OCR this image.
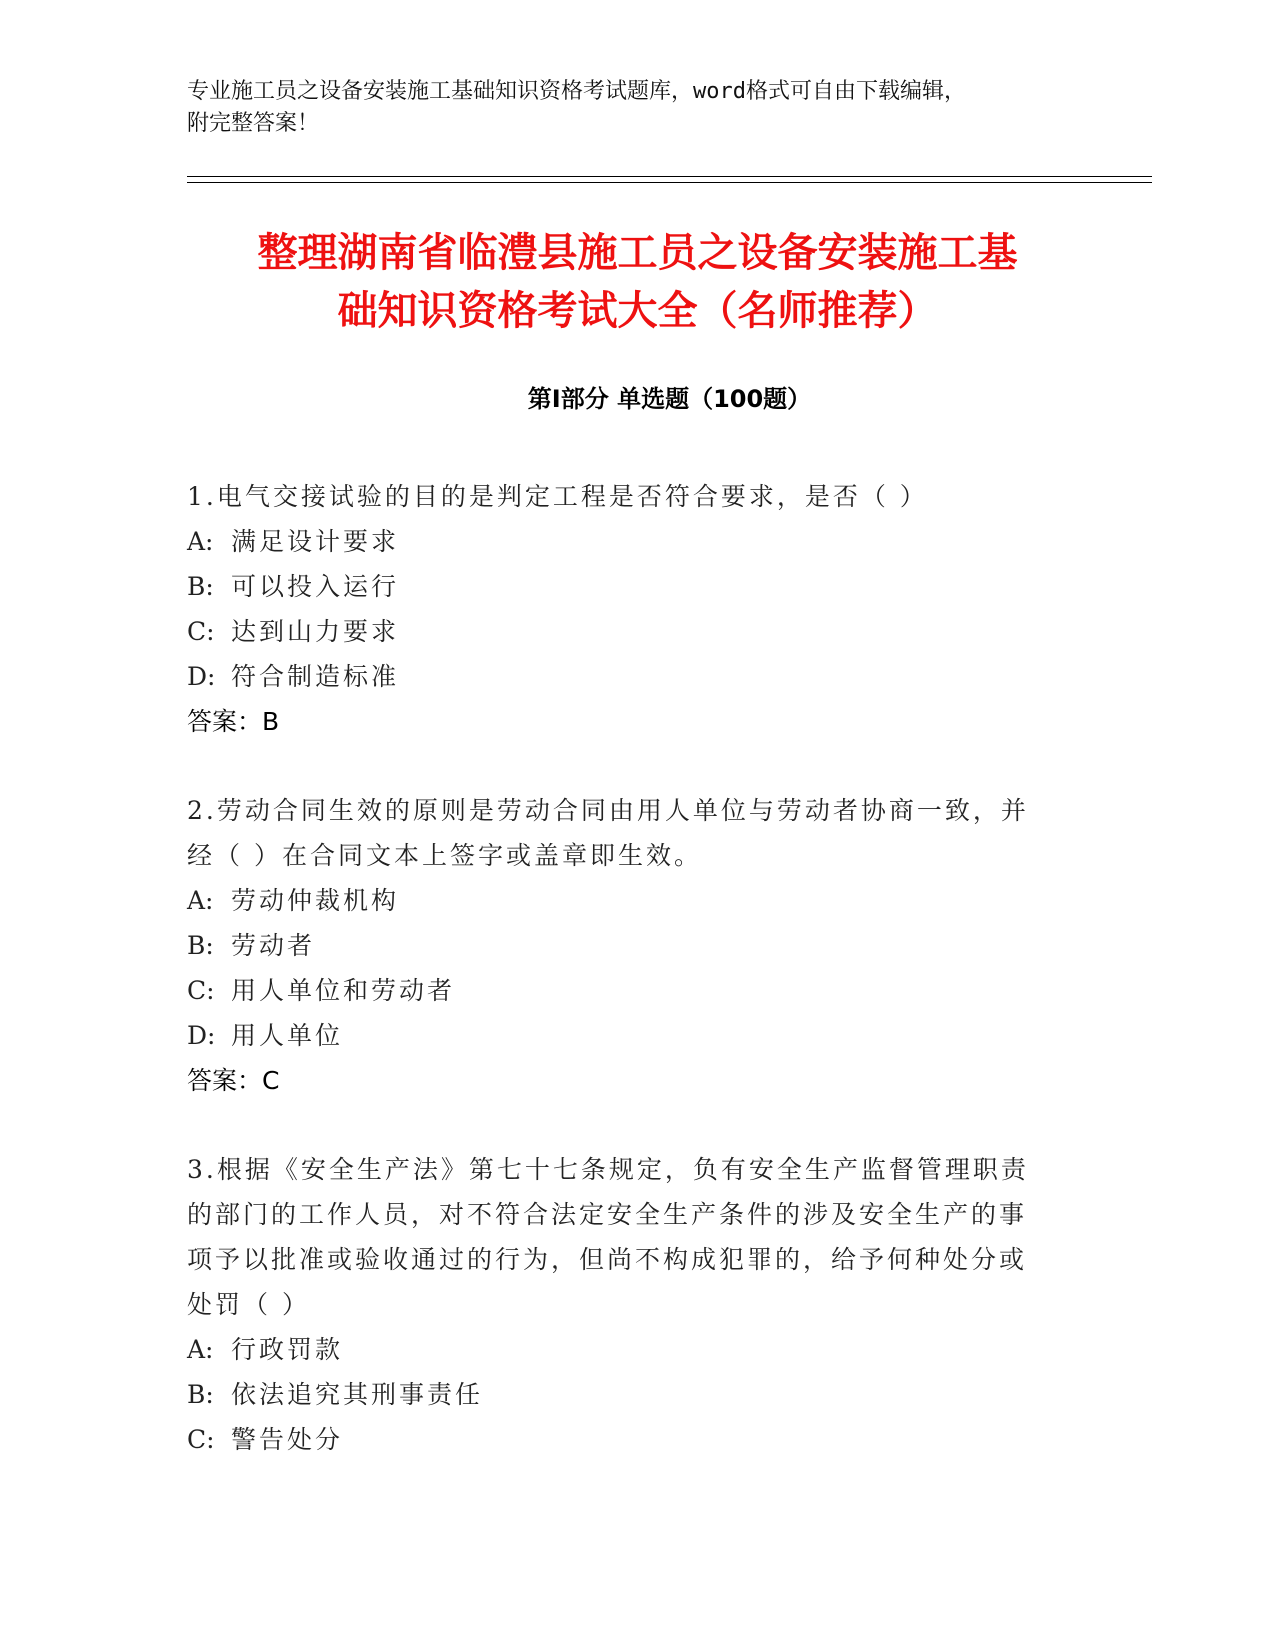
专业施工员之设备安装施工基础知识资格考试题库，word格式可自由下载编辑，
附完整答案！

整理湖南省临澧县施工员之设备安装施工基
础知识资格考试大全（名师推荐）
第Ⅰ部分 单选题（100题）

1.电气交接试验的目的是判定工程是否符合要求，是否（ ）

A: 满足设计要求
B: 可以投入运行
C: 达到山力要求
D: 符合制造标准

答案：B

2.劳动合同生效的原则是劳动合同由用人单位与劳动者协商一致，并

经（ ）在合同文本上签字或盖章即生效。

A: 劳动仲裁机构
B: 劳动者
C: 用人单位和劳动者
D: 用人单位

答案：C

3.根据《安全生产法》第七十七条规定，负有安全生产监督管理职责

的部门的工作人员，对不符合法定安全生产条件的涉及安全生产的事

项予以批准或验收通过的行为，但尚不构成犯罪的，给予何种处分或

处罚（ ）

A: 行政罚款
B: 依法追究其刑事责任
C: 警告处分
